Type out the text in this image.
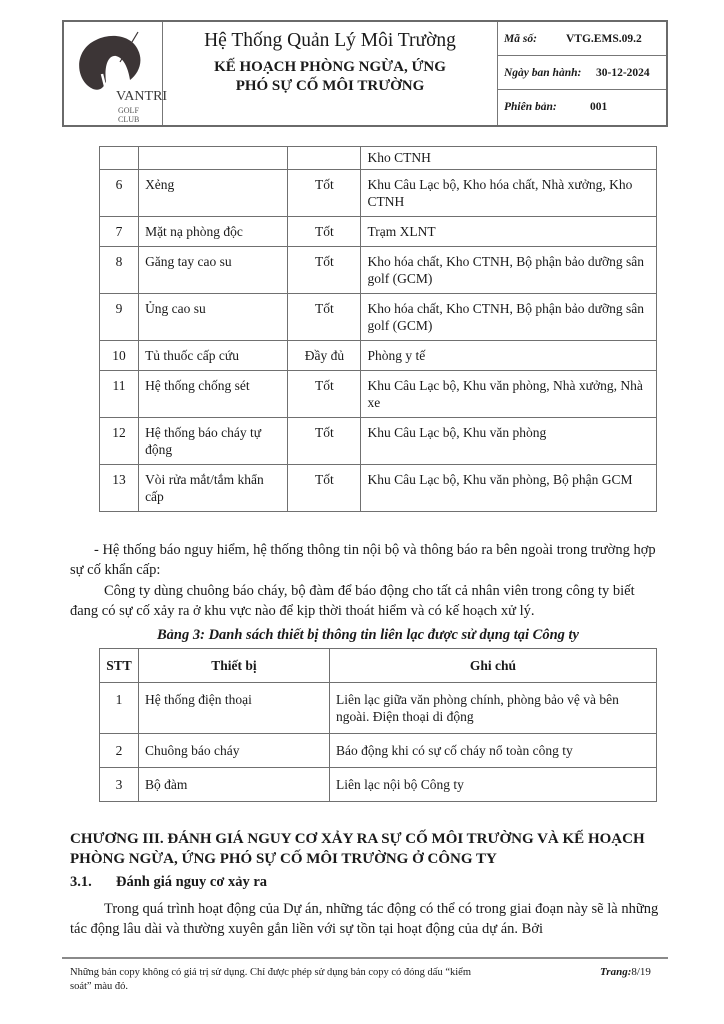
VANTRI
GOLF CLUB
Hệ Thống Quản Lý Môi Trường
KẾ HOẠCH PHÒNG NGỪA, ỨNG
PHÓ SỰ CỐ MÔI TRƯỜNG
Mã số:	VTG.EMS.09.2
Ngày ban hành:	30-12-2024
Phiên bản:	001
			Kho CTNH
6	Xẻng	Tốt	Khu Câu Lạc bộ, Kho hóa chất, Nhà xưởng, Kho CTNH
7	Mặt nạ phòng độc	Tốt	Trạm XLNT
8	Găng tay cao su	Tốt	Kho hóa chất, Kho CTNH, Bộ phận bảo dưỡng sân golf (GCM)
9	Ủng cao su	Tốt	Kho hóa chất, Kho CTNH, Bộ phận bảo dưỡng sân golf (GCM)
10	Tủ thuốc cấp cứu	Đầy đủ	Phòng y tế
11	Hệ thống chống sét	Tốt	Khu Câu Lạc bộ, Khu văn phòng, Nhà xưởng, Nhà xe
12	Hệ thống báo cháy tự động	Tốt	Khu Câu Lạc bộ, Khu văn phòng
13	Vòi rửa mắt/tắm khẩn cấp	Tốt	Khu Câu Lạc bộ, Khu văn phòng, Bộ phận GCM
- Hệ thống báo nguy hiểm, hệ thống thông tin nội bộ và thông báo ra bên ngoài trong trường hợp sự cố khẩn cấp:
Công ty dùng chuông báo cháy, bộ đàm để báo động cho tất cả nhân viên trong công ty biết đang có sự cố xảy ra ở khu vực nào để kịp thời thoát hiểm và có kế hoạch xử lý.
Bảng 3: Danh sách thiết bị thông tin liên lạc được sử dụng tại Công ty
STT	Thiết bị	Ghi chú
1	Hệ thống điện thoại	Liên lạc giữa văn phòng chính, phòng bảo vệ và bên ngoài. Điện thoại di động
2	Chuông báo cháy	Báo động khi có sự cố cháy nổ toàn công ty
3	Bộ đàm	Liên lạc nội bộ Công ty
CHƯƠNG III. ĐÁNH GIÁ NGUY CƠ XẢY RA SỰ CỐ MÔI TRƯỜNG VÀ KẾ HOẠCH PHÒNG NGỪA, ỨNG PHÓ SỰ CỐ MÔI TRƯỜNG Ở CÔNG TY
3.1. Đánh giá nguy cơ xảy ra
Trong quá trình hoạt động của Dự án, những tác động có thể có trong giai đoạn này sẽ là những tác động lâu dài và thường xuyên gắn liền với sự tồn tại hoạt động của dự án. Bởi
Những bản copy không có giá trị sử dụng. Chỉ được phép sử dụng bản copy có đóng dấu “kiểm soát” màu đỏ.
Trang:8/19
